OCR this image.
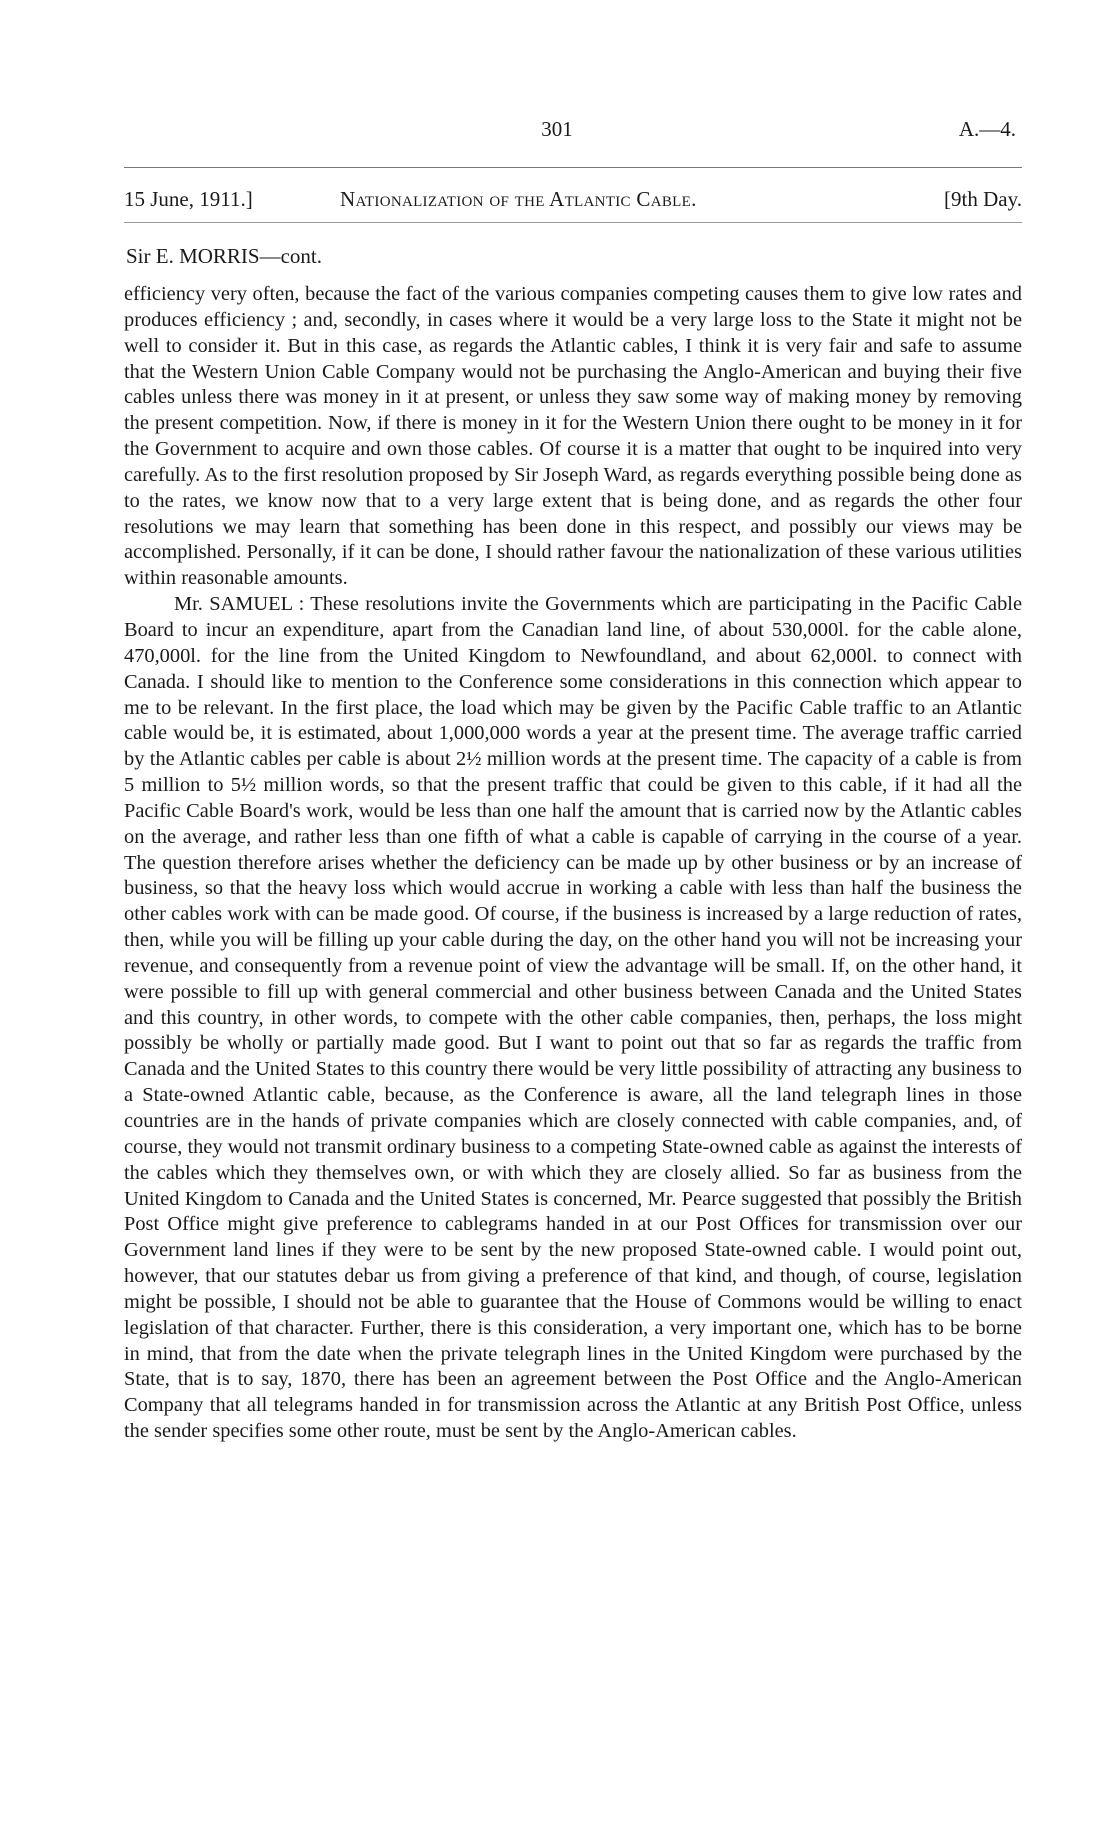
301	A.—4.
15 June, 1911.]	Nationalization of the Atlantic Cable.	[9th Day.
Sir E. MORRIS—cont.

efficiency very often, because the fact of the various companies competing causes them to give low rates and produces efficiency ; and, secondly, in cases where it would be a very large loss to the State it might not be well to consider it. But in this case, as regards the Atlantic cables, I think it is very fair and safe to assume that the Western Union Cable Company would not be purchasing the Anglo-American and buying their five cables unless there was money in it at present, or unless they saw some way of making money by removing the present competition. Now, if there is money in it for the Western Union there ought to be money in it for the Government to acquire and own those cables. Of course it is a matter that ought to be inquired into very carefully. As to the first resolution proposed by Sir Joseph Ward, as regards everything possible being done as to the rates, we know now that to a very large extent that is being done, and as regards the other four resolutions we may learn that something has been done in this respect, and possibly our views may be accomplished. Personally, if it can be done, I should rather favour the nationalization of these various utilities within reasonable amounts.

Mr. SAMUEL : These resolutions invite the Governments which are participating in the Pacific Cable Board to incur an expenditure, apart from the Canadian land line, of about 530,000l. for the cable alone, 470,000l. for the line from the United Kingdom to Newfoundland, and about 62,000l. to connect with Canada. I should like to mention to the Conference some considerations in this connection which appear to me to be relevant. In the first place, the load which may be given by the Pacific Cable traffic to an Atlantic cable would be, it is estimated, about 1,000,000 words a year at the present time. The average traffic carried by the Atlantic cables per cable is about 2½ million words at the present time. The capacity of a cable is from 5 million to 5½ million words, so that the present traffic that could be given to this cable, if it had all the Pacific Cable Board's work, would be less than one half the amount that is carried now by the Atlantic cables on the average, and rather less than one fifth of what a cable is capable of carrying in the course of a year. The question therefore arises whether the deficiency can be made up by other business or by an increase of business, so that the heavy loss which would accrue in working a cable with less than half the business the other cables work with can be made good. Of course, if the business is increased by a large reduction of rates, then, while you will be filling up your cable during the day, on the other hand you will not be increasing your revenue, and consequently from a revenue point of view the advantage will be small. If, on the other hand, it were possible to fill up with general commercial and other business between Canada and the United States and this country, in other words, to compete with the other cable companies, then, perhaps, the loss might possibly be wholly or partially made good. But I want to point out that so far as regards the traffic from Canada and the United States to this country there would be very little possibility of attracting any business to a State-owned Atlantic cable, because, as the Conference is aware, all the land telegraph lines in those countries are in the hands of private companies which are closely connected with cable companies, and, of course, they would not transmit ordinary business to a competing State-owned cable as against the interests of the cables which they themselves own, or with which they are closely allied. So far as business from the United Kingdom to Canada and the United States is concerned, Mr. Pearce suggested that possibly the British Post Office might give preference to cablegrams handed in at our Post Offices for transmission over our Government land lines if they were to be sent by the new proposed State-owned cable. I would point out, however, that our statutes debar us from giving a preference of that kind, and though, of course, legislation might be possible, I should not be able to guarantee that the House of Commons would be willing to enact legislation of that character. Further, there is this consideration, a very important one, which has to be borne in mind, that from the date when the private telegraph lines in the United Kingdom were purchased by the State, that is to say, 1870, there has been an agreement between the Post Office and the Anglo-American Company that all telegrams handed in for transmission across the Atlantic at any British Post Office, unless the sender specifies some other route, must be sent by the Anglo-American cables.
